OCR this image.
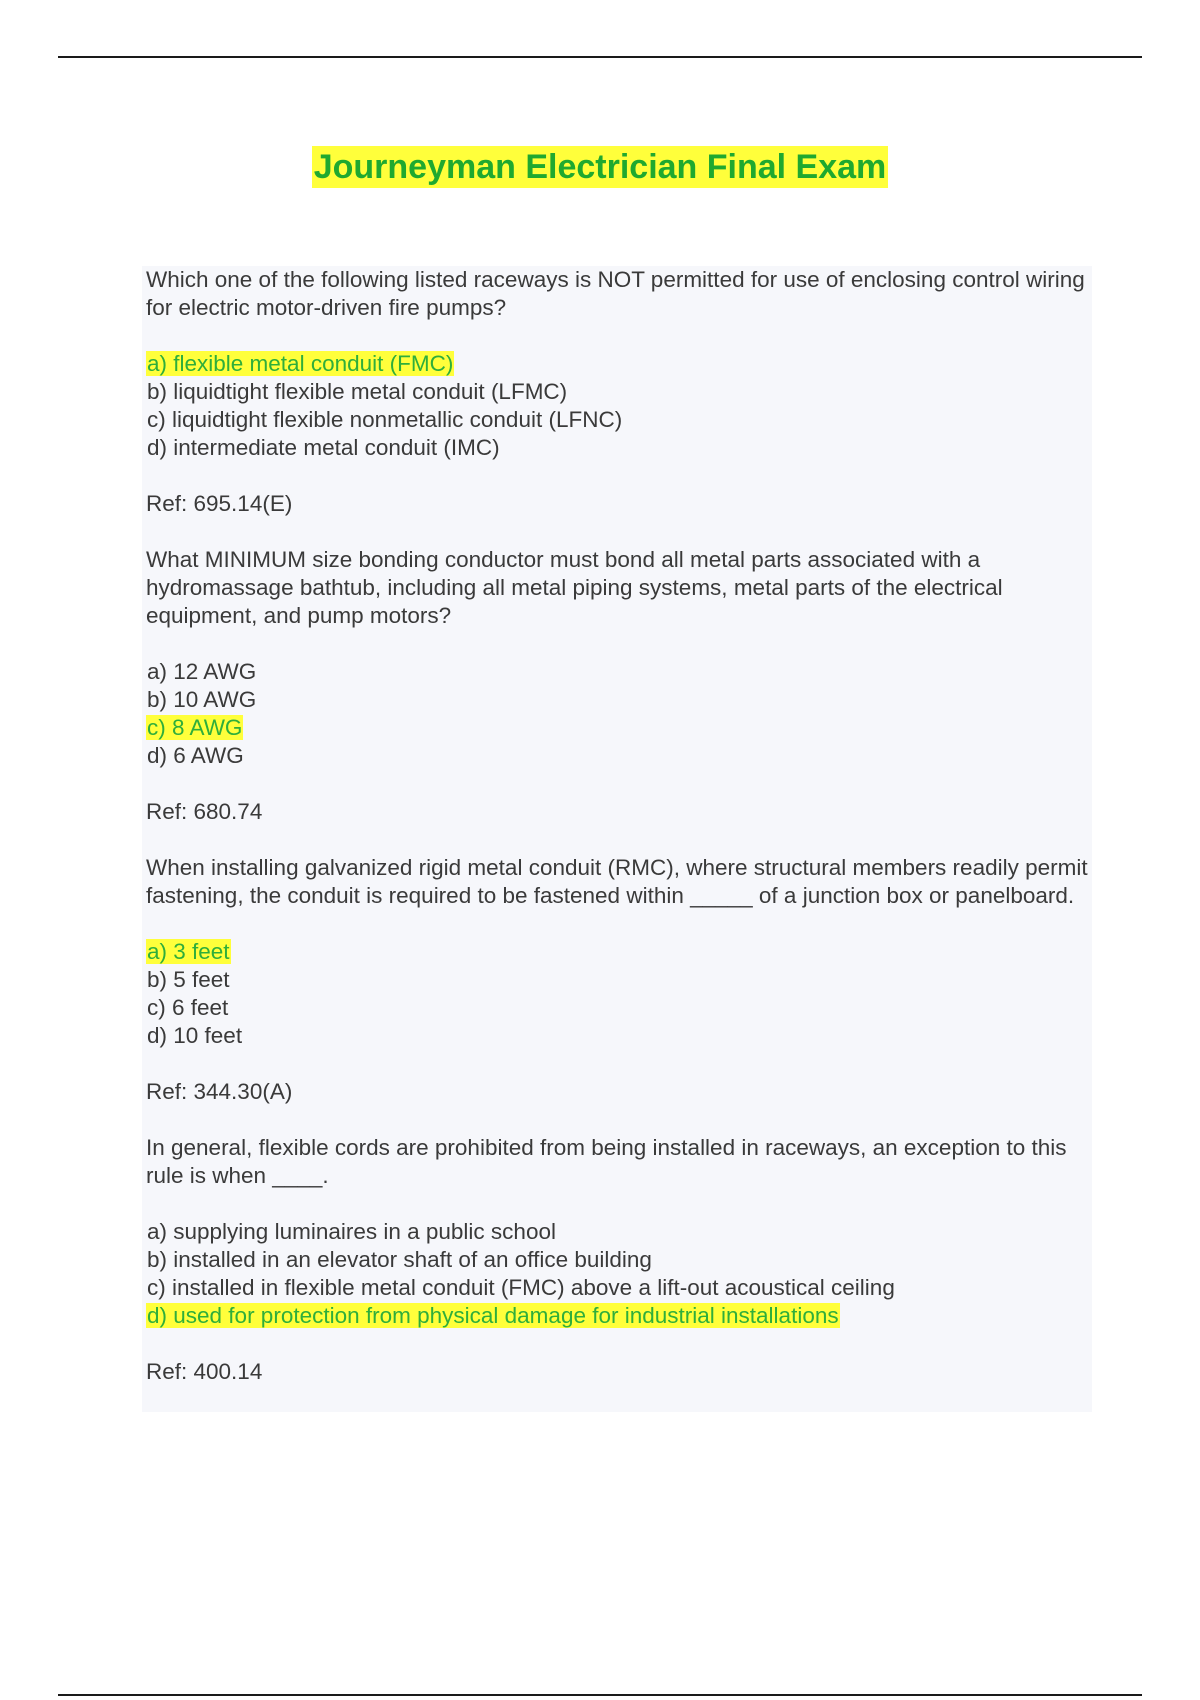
Journeyman Electrician Final Exam
Which one of the following listed raceways is NOT permitted for use of enclosing control wiring for electric motor-driven fire pumps?
a) flexible metal conduit (FMC)
b) liquidtight flexible metal conduit (LFMC)
c) liquidtight flexible nonmetallic conduit (LFNC)
d) intermediate metal conduit (IMC)
Ref: 695.14(E)
What MINIMUM size bonding conductor must bond all metal parts associated with a hydromassage bathtub, including all metal piping systems, metal parts of the electrical equipment, and pump motors?
a) 12 AWG
b) 10 AWG
c) 8 AWG
d) 6 AWG
Ref: 680.74
When installing galvanized rigid metal conduit (RMC), where structural members readily permit fastening, the conduit is required to be fastened within _____ of a junction box or panelboard.
a) 3 feet
b) 5 feet
c) 6 feet
d) 10 feet
Ref: 344.30(A)
In general, flexible cords are prohibited from being installed in raceways, an exception to this rule is when ____.
a) supplying luminaires in a public school
b) installed in an elevator shaft of an office building
c) installed in flexible metal conduit (FMC) above a lift-out acoustical ceiling
d) used for protection from physical damage for industrial installations
Ref: 400.14
